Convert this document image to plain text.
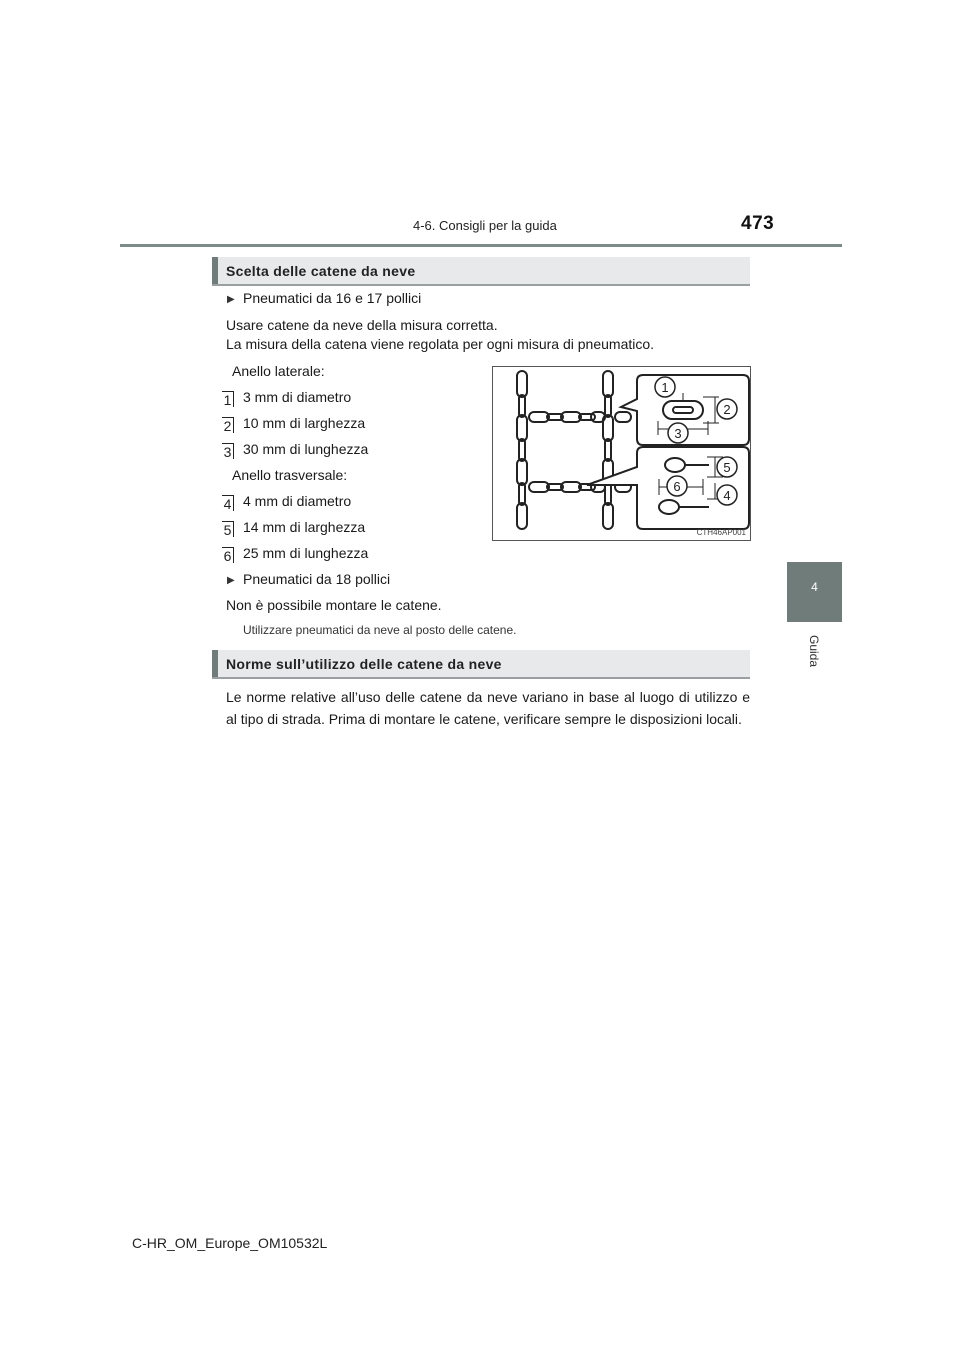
4-6. Consigli per la guida	473
4
Guida
Scelta delle catene da neve
▶ Pneumatici da 16 e 17 pollici
Usare catene da neve della misura corretta.
La misura della catena viene regolata per ogni misura di pneumatico.
Anello laterale:
1 3 mm di diametro
2 10 mm di larghezza
3 30 mm di lunghezza
Anello trasversale:
4 4 mm di diametro
5 14 mm di larghezza
6 25 mm di lunghezza
▶ Pneumatici da 18 pollici
Non è possibile montare le catene.
Utilizzare pneumatici da neve al posto delle catene.
1
2
3
4
5
6
CTH46AP001
Norme sull’utilizzo delle catene da neve
Le norme relative all’uso delle catene da neve variano in base al luogo di utilizzo e al tipo di strada. Prima di montare le catene, verificare sempre le disposizioni locali.
C-HR_OM_Europe_OM10532L
